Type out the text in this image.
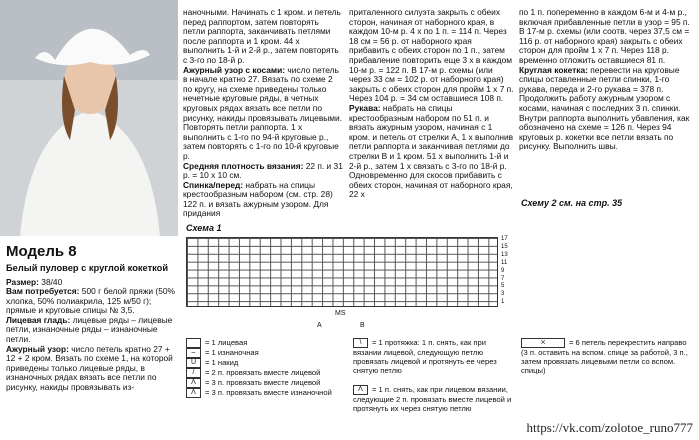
Модель 8
Белый пуловер с круглой кокеткой

Размер: 38/40

Вам потребуется: 500 г белой пряжи (50% хлопка, 50% полиакрила, 125 м/50 г); прямые и круговые спицы № 3,5.

Лицевая гладь: лицевые ряды – лицевые петли, изнаночные ряды – изнаночные петли.

Ажурный узор: число петель кратно 27 + 12 + 2 кром. Вязать по схеме 1, на которой приведены только лицевые ряды, в изнаночных рядах вязать все петли по рисунку, накиды провязывать из-

наночными. Начинать с 1 кром. и петель перед раппортом, затем повторять петли раппорта, заканчивать петлями после раппорта и 1 кром. 44 х выполнить 1-й и 2-й р., затем повторять с 3-го по 18-й р.

Ажурный узор с косами: число петель в начале кратно 27. Вязать по схеме 2 по кругу, на схеме приведены только нечетные круговые ряды, в четных круговых рядах вязать все петли по рисунку, накиды провязывать лицевыми. Повторять петли раппорта. 1 х выполнить с 1-го по 94-й круговые р., затем повторять с 1-го по 10-й круговые р.

Средняя плотность вязания: 22 п. и 31 р. = 10 х 10 см.

Спинка/перед: набрать на спицы крестообразным набором (см. стр. 28) 122 п. и вязать ажурным узором. Для придания

приталенного силуэта закрыть с обеих сторон, начиная от наборного края, в каждом 10-м р. 4 х по 1 п. = 114 п. Через 18 см = 56 р. от наборного края прибавить с обеих сторон по 1 п., затем прибавление повторить еще 3 х в каждом 10-м р. = 122 п. В 17-м р. схемы (или через 33 см = 102 р. от наборного края) закрыть с обеих сторон для пройм 1 х 7 п. Через 104 р. = 34 см оставшиеся 108 п.

Рукава: набрать на спицы крестообразным набором по 51 п. и вязать ажурным узором, начиная с 1 кром. и петель от стрелки А, 1 х выполнив петли раппорта и заканчивая петлями до стрелки В и 1 кром. 51 х выполнить 1-й и 2-й р., затем 1 х связать с 3-го по 18-й р. Одновременно для скосов прибавить с обеих сторон, начиная от наборного края, 22 х

по 1 п. попеременно в каждом 6-м и 4-м р., включая прибавленные петли в узор = 95 п. В 17-м р. схемы (или соотв. через 37,5 см = 116 р. от наборного края) закрыть с обеих сторон для пройм 1 х 7 п. Через 118 р. временно отложить оставшиеся 81 п.

Круглая кокетка: перевести на круговые спицы оставленные петли спинки, 1-го рукава, переда и 2-го рукава = 378 п. Продолжить работу ажурным узором с косами, начиная с последних 3 п. спинки. Внутри раппорта выполнить убавления, как обозначено на схеме = 126 п. Через 94 круговых р. кокетки все петли вязать по рисунку. Выполнить швы.

Схему 2 см. на стр. 35
Схема 1
17
15
13
11
9
7
5
3
1
MS
A	B
= 1 лицевая
– = 1 изнаночная
U = 1 накид
/ = 2 п. провязать вместе лицевой
Λ = 3 п. провязать вместе лицевой
Λ = 3 п. провязать вместе изнаночной
\ = 1 протяжка: 1 п. снять, как при вязании лицевой, следующую петлю провязать лицевой и протянуть ее через снятую петлю
Λ = 1 п. снять, как при лицевом вязании, следующие 2 п. провязать вместе лицевой и протянуть их через снятую петлю
⨯	= 6 петель перекрестить направо (3 п. оставить на вспом. спице за работой, 3 п., затем провязать лицевыми петли со вспом. спицы)
https://vk.com/zolotoe_runo777
